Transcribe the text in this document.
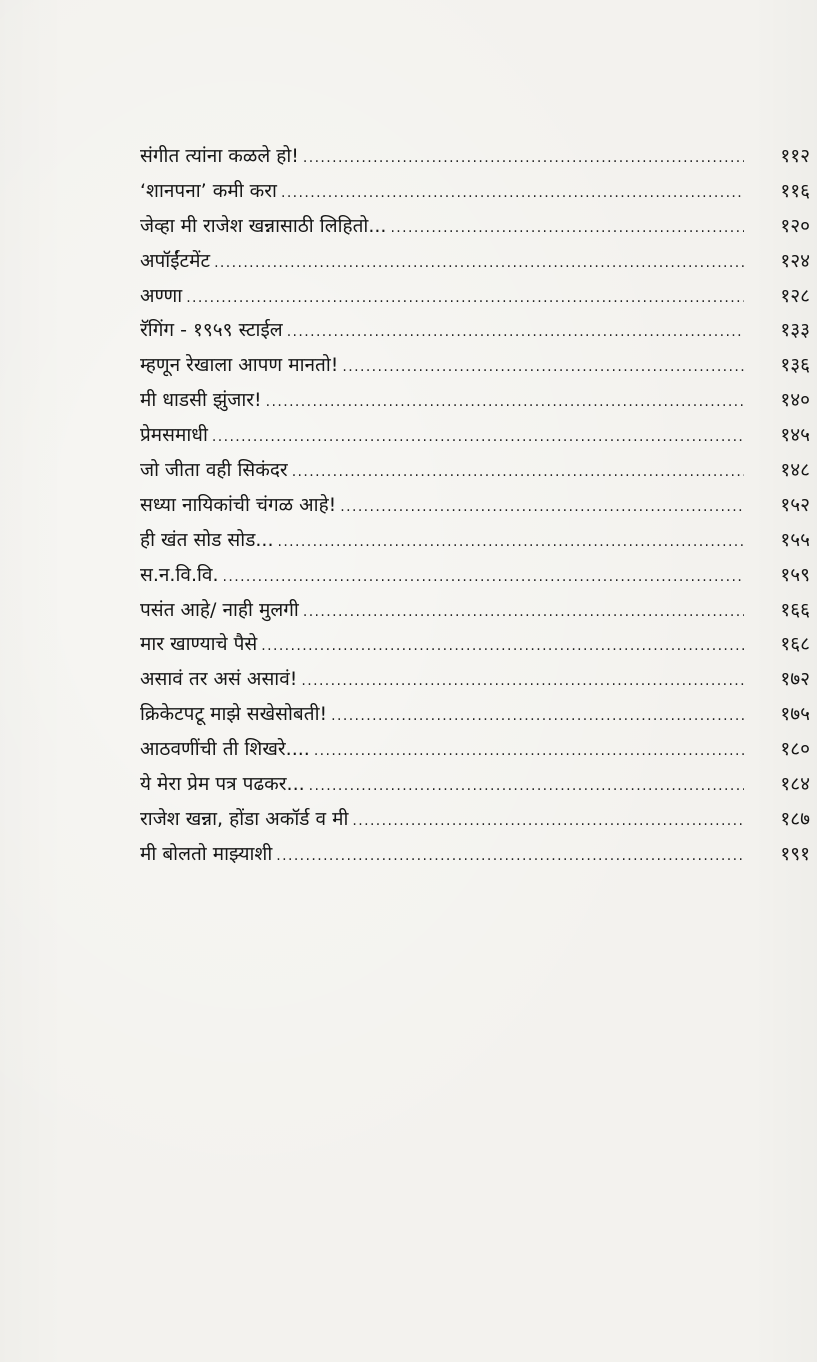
संगीत त्यांना कळले हो! .....	११२
‘शानपना’ कमी करा .....	११६
जेव्हा मी राजेश खन्नासाठी लिहितो... .....	१२०
अपॉईंटमेंट .....	१२४
अण्णा .....	१२८
रॅगिंग - १९५९ स्टाईल .....	१३३
म्हणून रेखाला आपण मानतो! .....	१३६
मी धाडसी झुंजार! .....	१४०
प्रेमसमाधी .....	१४५
जो जीता वही सिकंदर .....	१४८
सध्या नायिकांची चंगळ आहे! .....	१५२
ही खंत सोड सोड... .....	१५५
स.न.वि.वि. .....	१५९
पसंत आहे/ नाही मुलगी .....	१६६
मार खाण्याचे पैसे .....	१६८
असावं तर असं असावं! .....	१७२
क्रिकेटपटू माझे सखेसोबती! .....	१७५
आठवणींची ती शिखरे.... .....	१८०
ये मेरा प्रेम पत्र पढकर... .....	१८४
राजेश खन्ना, होंडा अकॉर्ड व मी .....	१८७
मी बोलतो माझ्याशी .....	१९१
